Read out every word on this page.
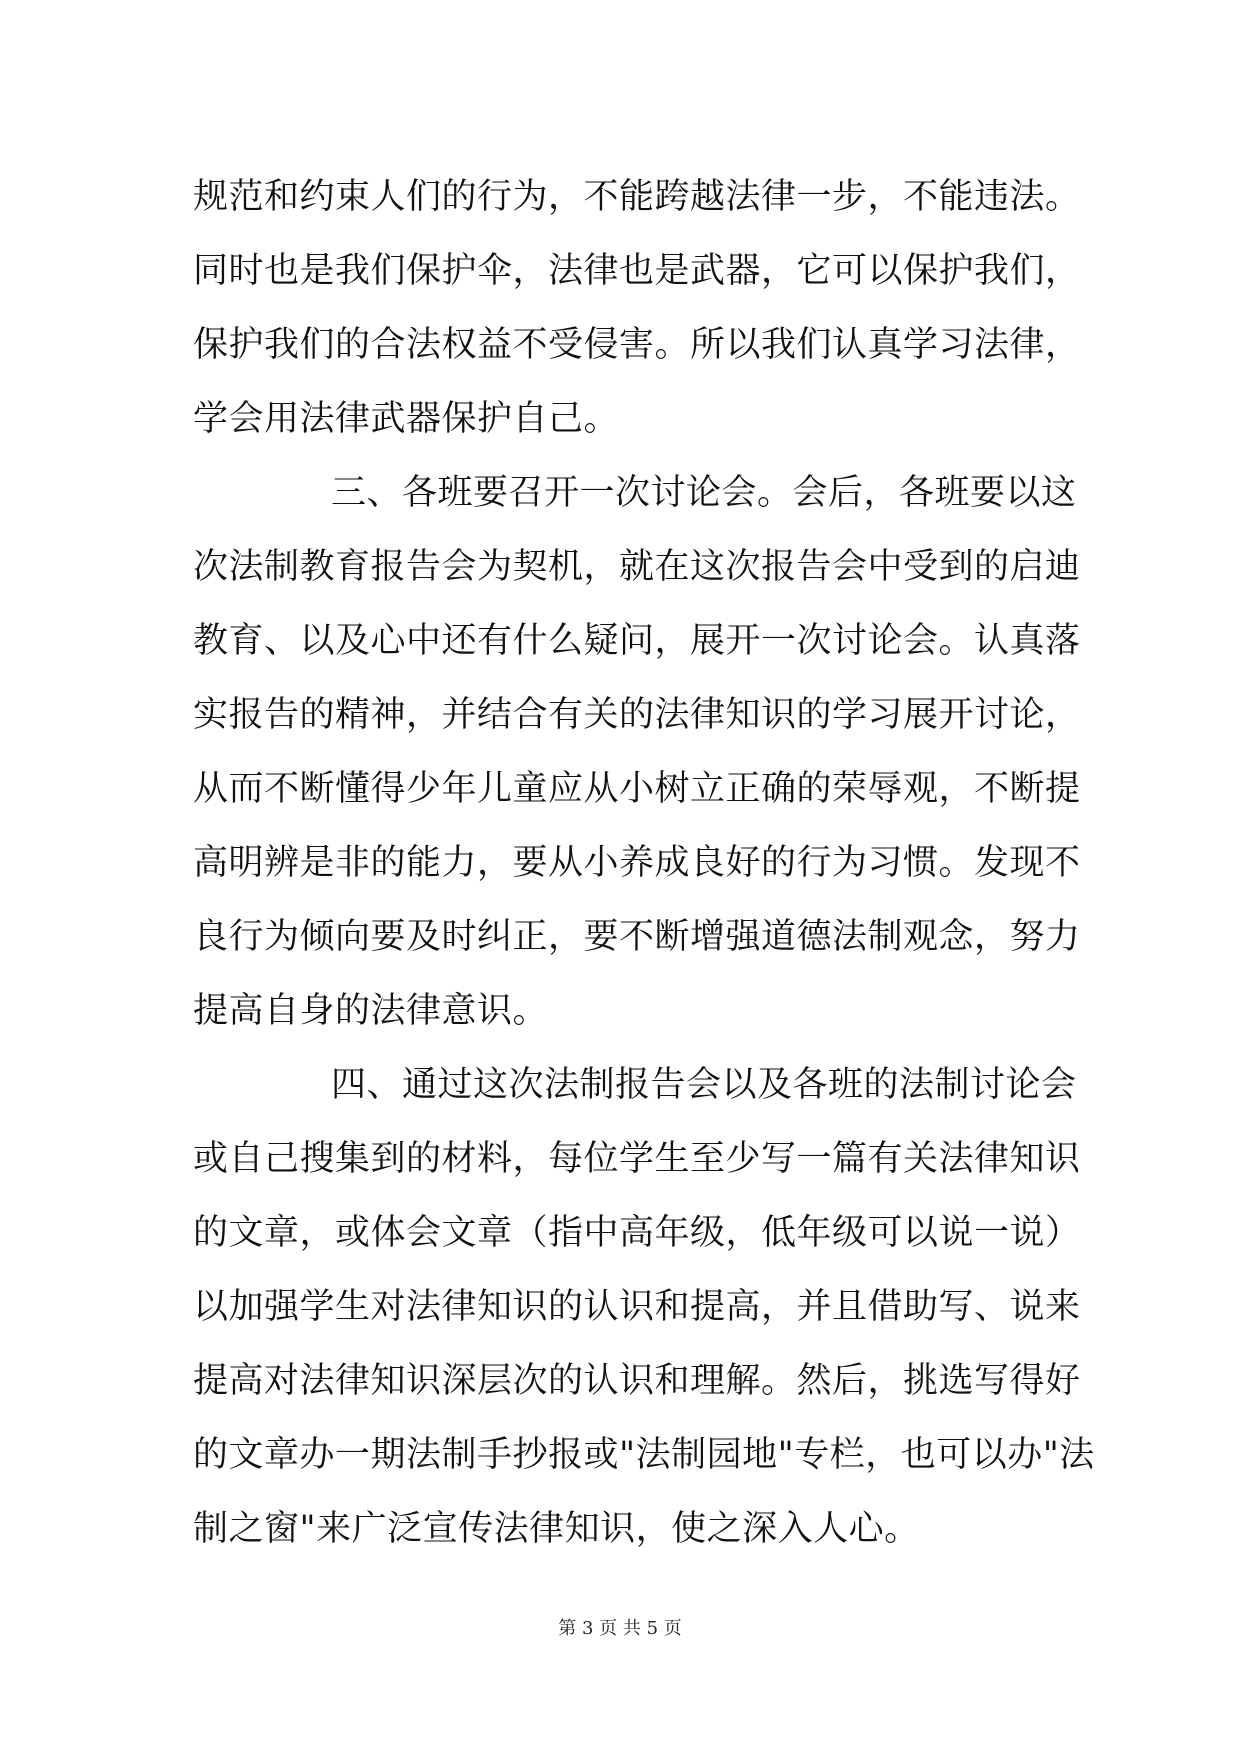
规范和约束人们的行为，不能跨越法律一步，不能违法。
同时也是我们保护伞，法律也是武器，它可以保护我们，
保护我们的合法权益不受侵害。所以我们认真学习法律，
学会用法律武器保护自己。
三、各班要召开一次讨论会。会后，各班要以这
次法制教育报告会为契机，就在这次报告会中受到的启迪
教育、以及心中还有什么疑问，展开一次讨论会。认真落
实报告的精神，并结合有关的法律知识的学习展开讨论，
从而不断懂得少年儿童应从小树立正确的荣辱观，不断提
高明辨是非的能力，要从小养成良好的行为习惯。发现不
良行为倾向要及时纠正，要不断增强道德法制观念，努力
提高自身的法律意识。
四、通过这次法制报告会以及各班的法制讨论会
或自己搜集到的材料，每位学生至少写一篇有关法律知识
的文章，或体会文章（指中高年级，低年级可以说一说）
以加强学生对法律知识的认识和提高，并且借助写、说来
提高对法律知识深层次的认识和理解。然后，挑选写得好
的文章办一期法制手抄报或"法制园地"专栏，也可以办"法
制之窗"来广泛宣传法律知识，使之深入人心。
第 3 页 共 5 页
